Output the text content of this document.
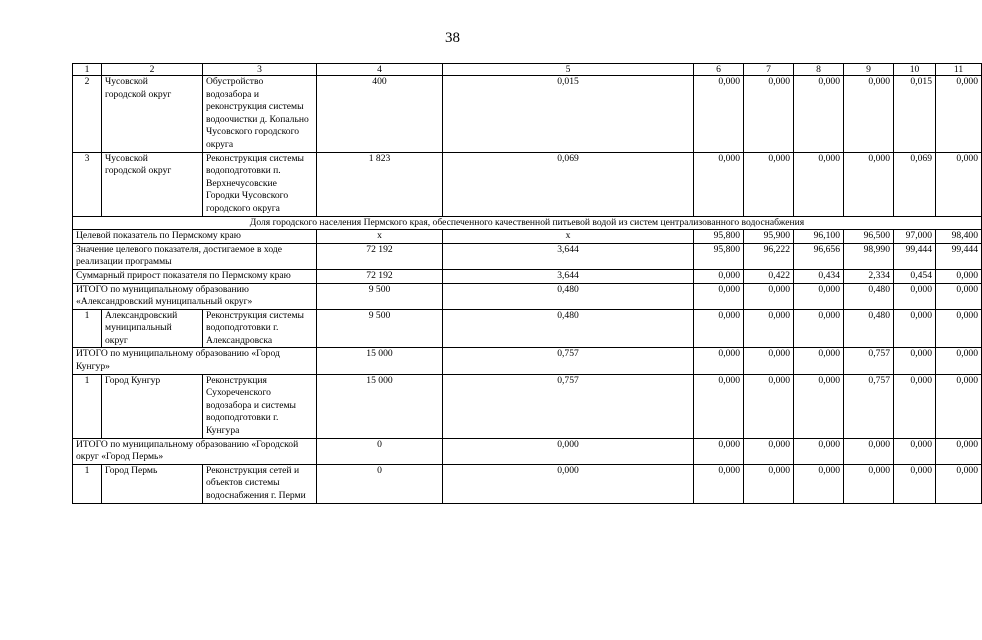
38
1	2	3	4	5	6	7	8	9	10	11
2	Чусовской городской округ	Обустройство водозабора и реконструкция системы водоочистки д. Копально Чусовского городского округа	400	0,015	0,000	0,000	0,000	0,000	0,015	0,000
3	Чусовской городской округ	Реконструкция системы водоподготовки п. Верхнечусовские Городки Чусовского городского округа	1 823	0,069	0,000	0,000	0,000	0,000	0,069	0,000
Доля городского населения Пермского края, обеспеченного качественной питьевой водой из систем централизованного водоснабжения										
Целевой показатель по Пермскому краю			х	х	95,800	95,900	96,100	96,500	97,000	98,400
Значение целевого показателя, достигаемое в ходе реализации программы			72 192	3,644	95,800	96,222	96,656	98,990	99,444	99,444
Суммарный прирост показателя по Пермскому краю			72 192	3,644	0,000	0,422	0,434	2,334	0,454	0,000
ИТОГО по муниципальному образованию «Александровский муниципальный округ»			9 500	0,480	0,000	0,000	0,000	0,480	0,000	0,000
1	Александровский муниципальный округ	Реконструкция системы водоподготовки г. Александровска	9 500	0,480	0,000	0,000	0,000	0,480	0,000	0,000
ИТОГО по муниципальному образованию «Город Кунгур»			15 000	0,757	0,000	0,000	0,000	0,757	0,000	0,000
1	Город Кунгур	Реконструкция Сухореченского водозабора и системы водоподготовки г. Кунгура	15 000	0,757	0,000	0,000	0,000	0,757	0,000	0,000
ИТОГО по муниципальному образованию «Городской округ «Город Пермь»			0	0,000	0,000	0,000	0,000	0,000	0,000	0,000
1	Город Пермь	Реконструкция сетей и объектов системы водоснабжения г. Перми	0	0,000	0,000	0,000	0,000	0,000	0,000	0,000
